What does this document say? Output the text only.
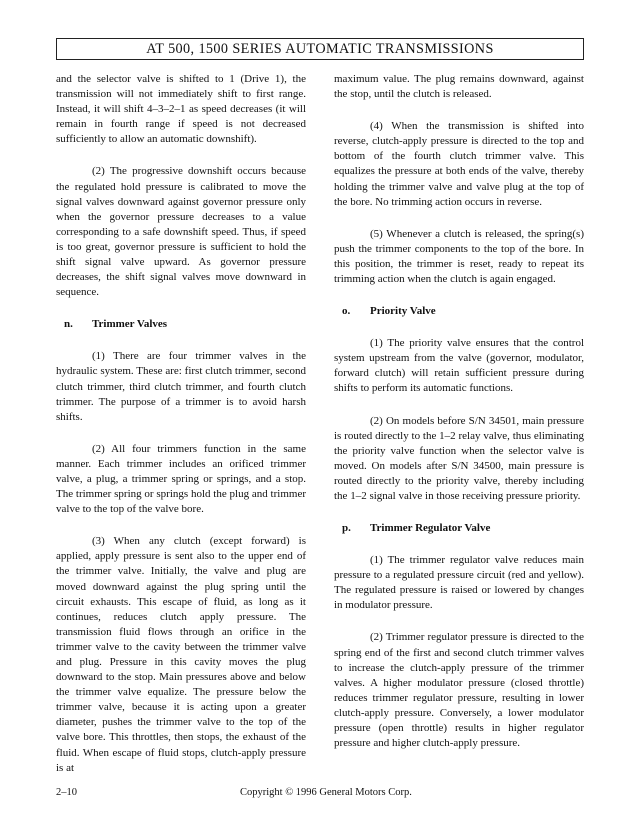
AT 500, 1500 SERIES AUTOMATIC TRANSMISSIONS

and the selector valve is shifted to 1 (Drive 1), the transmission will not immediately shift to first range. Instead, it will shift 4–3–2–1 as speed decreases (it will remain in fourth range if speed is not decreased sufficiently to allow an automatic downshift).

(2) The progressive downshift occurs because the regulated hold pressure is calibrated to move the signal valves downward against governor pressure only when the governor pressure decreases to a value corresponding to a safe downshift speed. Thus, if speed is too great, governor pressure is sufficient to hold the shift signal valve upward. As governor pressure decreases, the shift signal valves move downward in sequence.

n.	Trimmer Valves

(1) There are four trimmer valves in the hydraulic system. These are: first clutch trimmer, second clutch trimmer, third clutch trimmer, and fourth clutch trimmer. The purpose of a trimmer is to avoid harsh shifts.

(2) All four trimmers function in the same manner. Each trimmer includes an orificed trimmer valve, a plug, a trimmer spring or springs, and a stop. The trimmer spring or springs hold the plug and trimmer valve to the top of the valve bore.

(3) When any clutch (except forward) is applied, apply pressure is sent also to the upper end of the trimmer valve. Initially, the valve and plug are moved downward against the plug spring until the circuit exhausts. This escape of fluid, as long as it continues, reduces clutch apply pressure. The transmission fluid flows through an orifice in the trimmer valve to the cavity between the trimmer valve and plug. Pressure in this cavity moves the plug downward to the stop. Main pressures above and below the trimmer valve equalize. The pressure below the trimmer valve, because it is acting upon a greater diameter, pushes the trimmer valve to the top of the valve bore. This throttles, then stops, the exhaust of the fluid. When escape of fluid stops, clutch-apply pressure is at

maximum value. The plug remains downward, against the stop, until the clutch is released.

(4) When the transmission is shifted into reverse, clutch-apply pressure is directed to the top and bottom of the fourth clutch trimmer valve. This equalizes the pressure at both ends of the valve, thereby holding the trimmer valve and valve plug at the top of the bore. No trimming action occurs in reverse.

(5) Whenever a clutch is released, the spring(s) push the trimmer components to the top of the bore. In this position, the trimmer is reset, ready to repeat its trimming action when the clutch is again engaged.

o.	Priority Valve

(1) The priority valve ensures that the control system upstream from the valve (governor, modulator, forward clutch) will retain sufficient pressure during shifts to perform its automatic functions.

(2) On models before S/N 34501, main pressure is routed directly to the 1–2 relay valve, thus eliminating the priority valve function when the selector valve is moved. On models after S/N 34500, main pressure is routed directly to the priority valve, thereby including the 1–2 signal valve in those receiving pressure priority.

p.	Trimmer Regulator Valve

(1) The trimmer regulator valve reduces main pressure to a regulated pressure circuit (red and yellow). The regulated pressure is raised or lowered by changes in modulator pressure.

(2) Trimmer regulator pressure is directed to the spring end of the first and second clutch trimmer valves to increase the clutch-apply pressure of the trimmer valves. A higher modulator pressure (closed throttle) reduces trimmer regulator pressure, resulting in lower clutch-apply pressure. Conversely, a lower modulator pressure (open throttle) results in higher regulator pressure and higher clutch-apply pressure.

2–10	Copyright © 1996 General Motors Corp.
